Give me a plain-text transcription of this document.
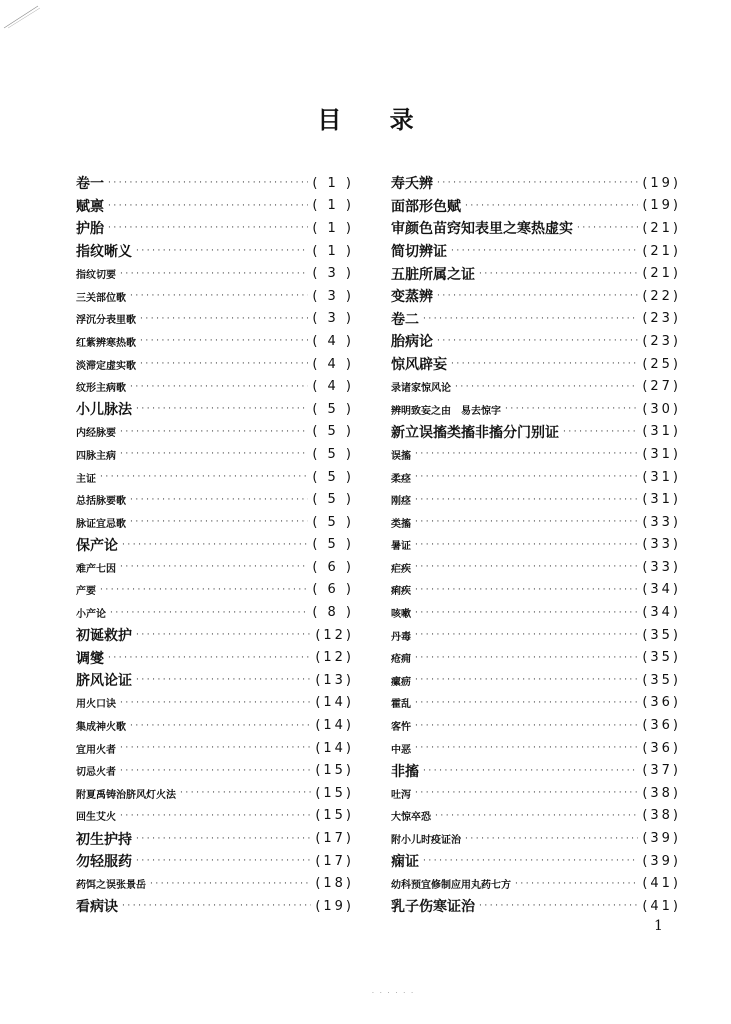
目 录
卷一 ·····	( 1 )
赋禀 ·····	( 1 )
护胎 ·····	( 1 )
指纹晰义 ·····	( 1 )
指纹切要 ·····	( 3 )
三关部位歌 ·····	( 3 )
浮沉分表里歌 ·····	( 3 )
红紫辨寒热歌 ·····	( 4 )
淡滞定虚实歌 ·····	( 4 )
纹形主病歌 ·····	( 4 )
小儿脉法 ·····	( 5 )
内经脉要 ·····	( 5 )
四脉主病 ·····	( 5 )
主证 ·····	( 5 )
总括脉要歌 ·····	( 5 )
脉证宜忌歌 ·····	( 5 )
保产论 ·····	( 5 )
难产七因 ·····	( 6 )
产要 ·····	( 6 )
小产论 ·····	( 8 )
初诞救护 ·····	(12)
调燮 ·····	(12)
脐风论证 ·····	(13)
用火口诀 ·····	(14)
集成神火歌 ·····	(14)
宜用火者 ·····	(14)
切忌火者 ·····	(15)
附夏禹铸治脐风灯火法 ·····	(15)
回生艾火 ·····	(15)
初生护持 ·····	(17)
勿轻服药 ·····	(17)
药饵之误张景岳 ·····	(18)
看病诀 ·····	(19)
寿夭辨 ·····	(19)
面部形色赋 ·····	(19)
审颜色苗窍知表里之寒热虚实 ·····	(21)
简切辨证 ·····	(21)
五脏所属之证 ·····	(21)
变蒸辨 ·····	(22)
卷二 ·····	(23)
胎病论 ·····	(23)
惊风辟妄 ·····	(25)
录诸家惊风论 ·····	(27)
辨明致妄之由　易去惊字 ·····	(30)
新立误搐类搐非搐分门别证 ·····	(31)
误搐 ·····	(31)
柔痉 ·····	(31)
刚痉 ·····	(31)
类搐 ·····	(33)
暑证 ·····	(33)
疟疾 ·····	(33)
痢疾 ·····	(34)
咳嗽 ·····	(34)
丹毒 ·····	(35)
疮痈 ·····	(35)
瘰疬 ·····	(35)
霍乱 ·····	(36)
客忤 ·····	(36)
中恶 ·····	(36)
非搐 ·····	(37)
吐泻 ·····	(38)
大惊卒恐 ·····	(38)
附小儿时疫证治 ·····	(39)
痫证 ·····	(39)
幼科预宜修制应用丸药七方 ·····	(41)
乳子伤寒证治 ·····	(41)
1
· · · · · ·
